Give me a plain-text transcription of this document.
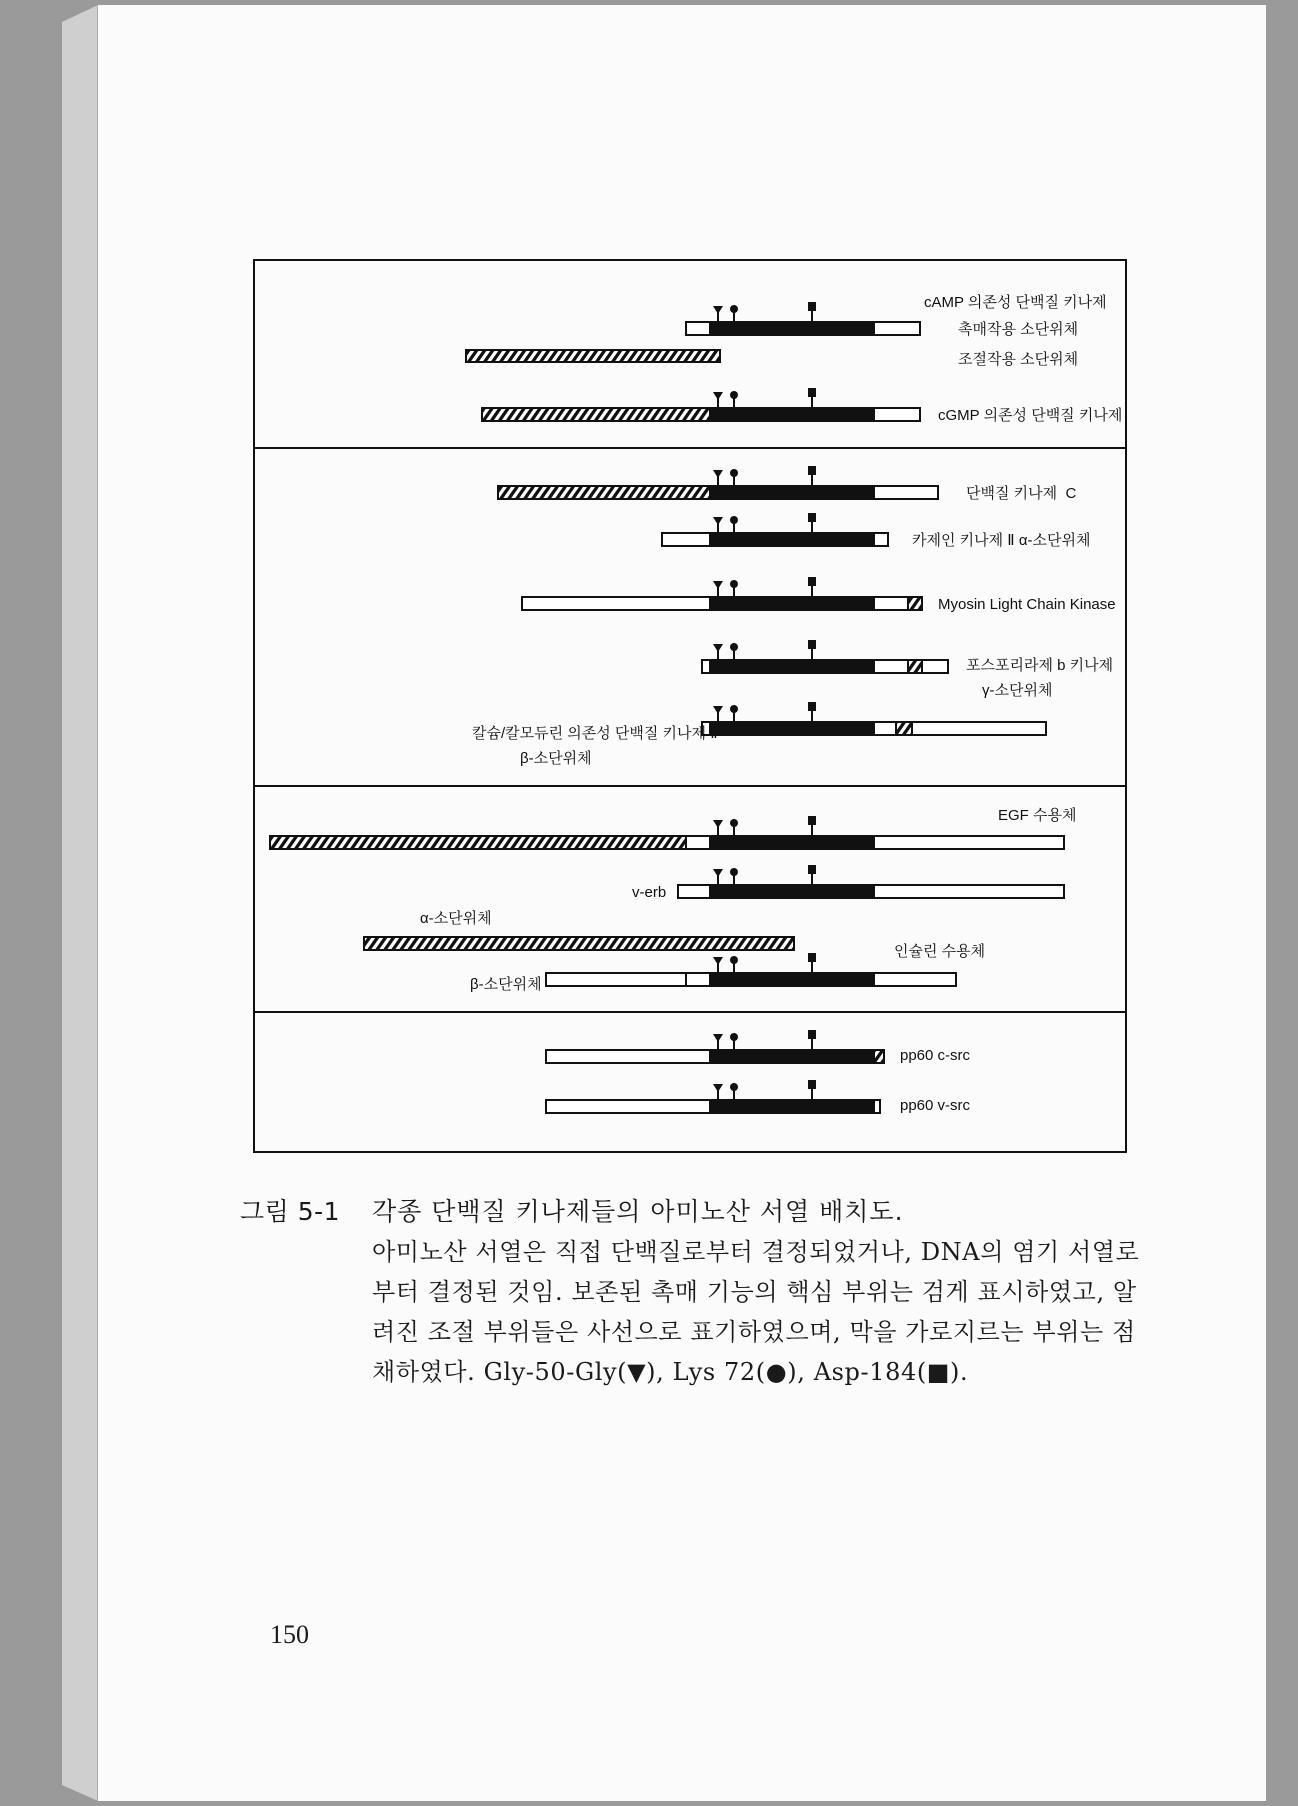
cAMP 의존성 단백질 키나제
촉매작용 소단위체
조절작용 소단위체
cGMP 의존성 단백질 키나제
단백질 키나제  C
카제인 키나제 Ⅱ α-소단위체
Myosin Light Chain Kinase
포스포리라제 b 키나제
γ-소단위체
칼슘/칼모듀린 의존성 단백질 키나제 Ⅱ
β-소단위체
EGF 수용체
v-erb
α-소단위체
인슐린 수용체
β-소단위체
pp60 c-src
pp60 v-src
그림 5-1 각종 단백질 키나제들의 아미노산 서열 배치도.
아미노산 서열은 직접 단백질로부터 결정되었거나, DNA의 염기 서열로
부터 결정된 것임. 보존된 촉매 기능의 핵심 부위는 검게 표시하였고, 알
려진 조절 부위들은 사선으로 표기하였으며, 막을 가로지르는 부위는 점
채하였다. Gly-50-Gly(▼), Lys 72(●), Asp-184(■).
150
